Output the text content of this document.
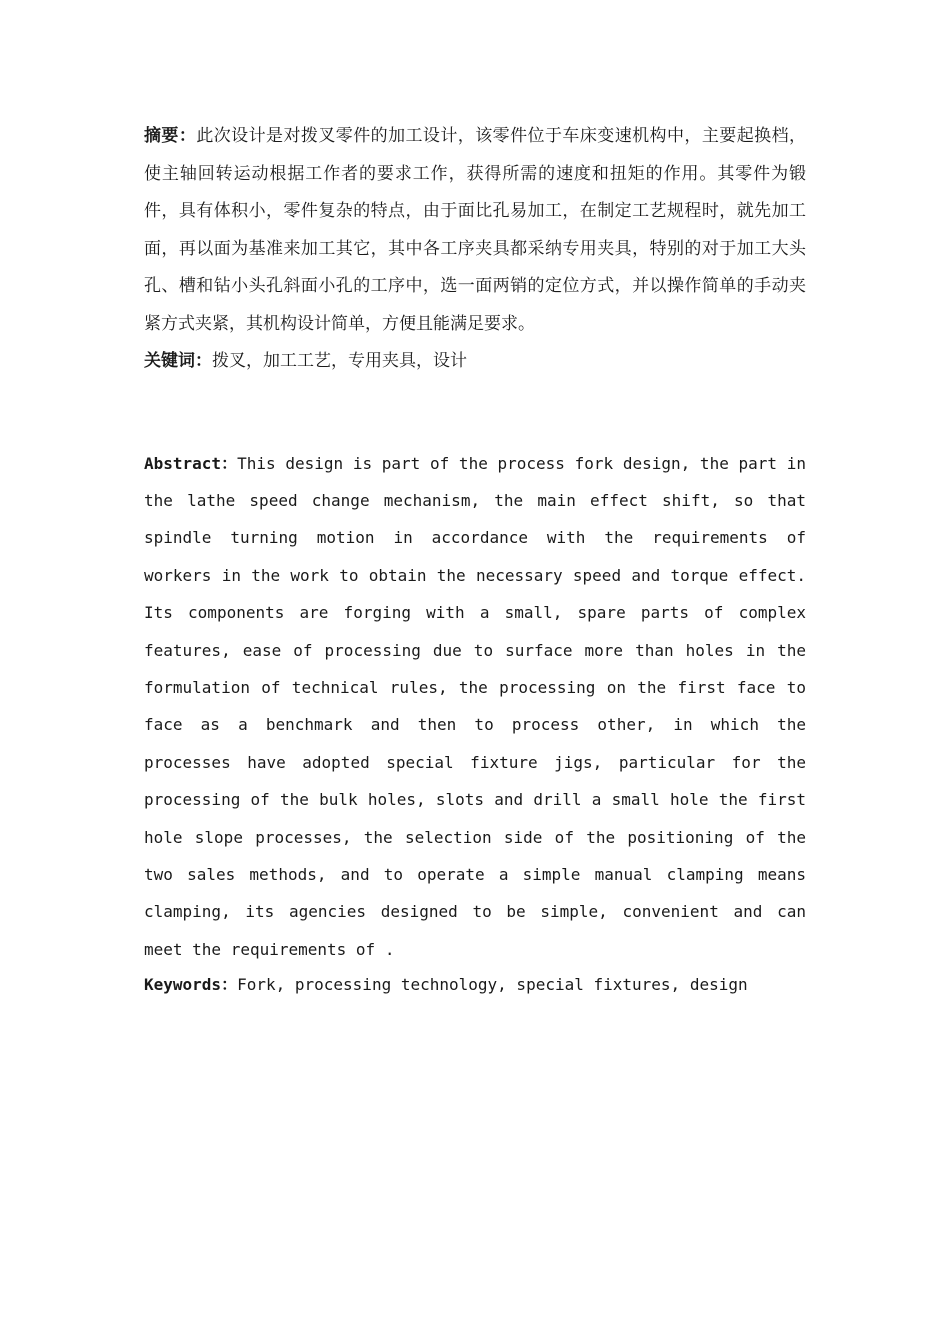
摘要：此次设计是对拨叉零件的加工设计，该零件位于车床变速机构中，主要起换档，使主轴回转运动根据工作者的要求工作，获得所需的速度和扭矩的作用。其零件为锻件，具有体积小，零件复杂的特点，由于面比孔易加工，在制定工艺规程时，就先加工面，再以面为基准来加工其它，其中各工序夹具都采纳专用夹具，特别的对于加工大头孔、槽和钻小头孔斜面小孔的工序中，选一面两销的定位方式，并以操作简单的手动夹紧方式夹紧，其机构设计简单，方便且能满足要求。

关键词：拨叉，加工工艺，专用夹具，设计

Abstract：This design is part of the process fork design, the part in the lathe speed change mechanism, the main effect shift, so that spindle turning motion in accordance with the requirements of workers in the work to obtain the necessary speed and torque effect. Its components are forging with a small, spare parts of complex features, ease of processing due to surface more than holes in the formulation of technical rules, the processing on the first face to face as a benchmark and then to process other, in which the processes have adopted special fixture jigs, particular for the processing of the bulk holes, slots and drill a small hole the first hole slope processes, the selection side of the positioning of the two sales methods, and to operate a simple manual clamping means clamping, its agencies designed to be simple, convenient and can meet the requirements of .

Keywords：Fork, processing technology, special fixtures, design
